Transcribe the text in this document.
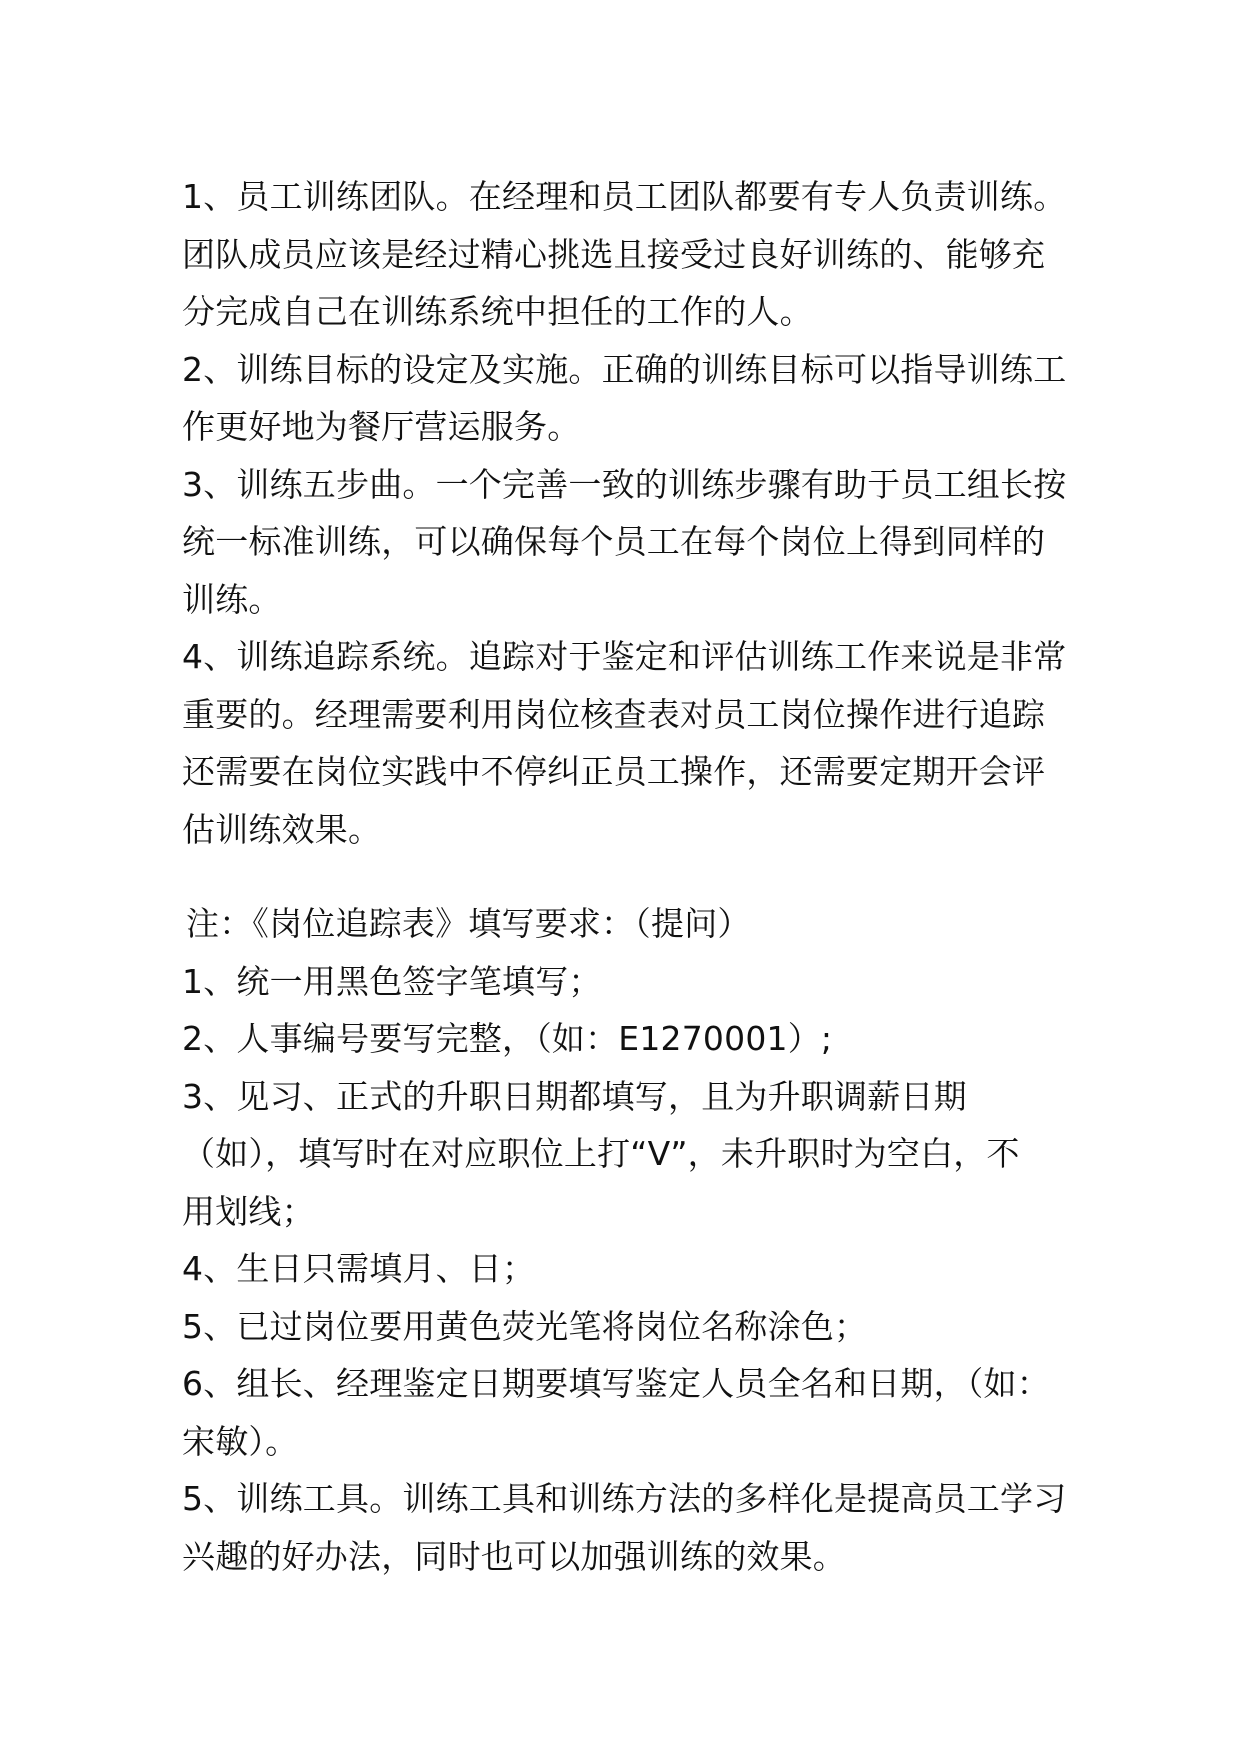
1、员工训练团队。在经理和员工团队都要有专人负责训练。
团队成员应该是经过精心挑选且接受过良好训练的、能够充
分完成自己在训练系统中担任的工作的人。
2、训练目标的设定及实施。正确的训练目标可以指导训练工
作更好地为餐厅营运服务。
3、训练五步曲。一个完善一致的训练步骤有助于员工组长按
统一标准训练，可以确保每个员工在每个岗位上得到同样的
训练。
4、训练追踪系统。追踪对于鉴定和评估训练工作来说是非常
重要的。经理需要利用岗位核查表对员工岗位操作进行追踪
还需要在岗位实践中不停纠正员工操作，还需要定期开会评
估训练效果。
注：《岗位追踪表》填写要求：（提问）
1、统一用黑色签字笔填写；
2、人事编号要写完整，（如：E1270001）;
3、见习、正式的升职日期都填写，且为升职调薪日期
（如），填写时在对应职位上打“V”，未升职时为空白，不
用划线；
4、生日只需填月、日；
5、已过岗位要用黄色荧光笔将岗位名称涂色；
6、组长、经理鉴定日期要填写鉴定人员全名和日期，（如：
宋敏）。
5、训练工具。训练工具和训练方法的多样化是提高员工学习
兴趣的好办法，同时也可以加强训练的效果。
